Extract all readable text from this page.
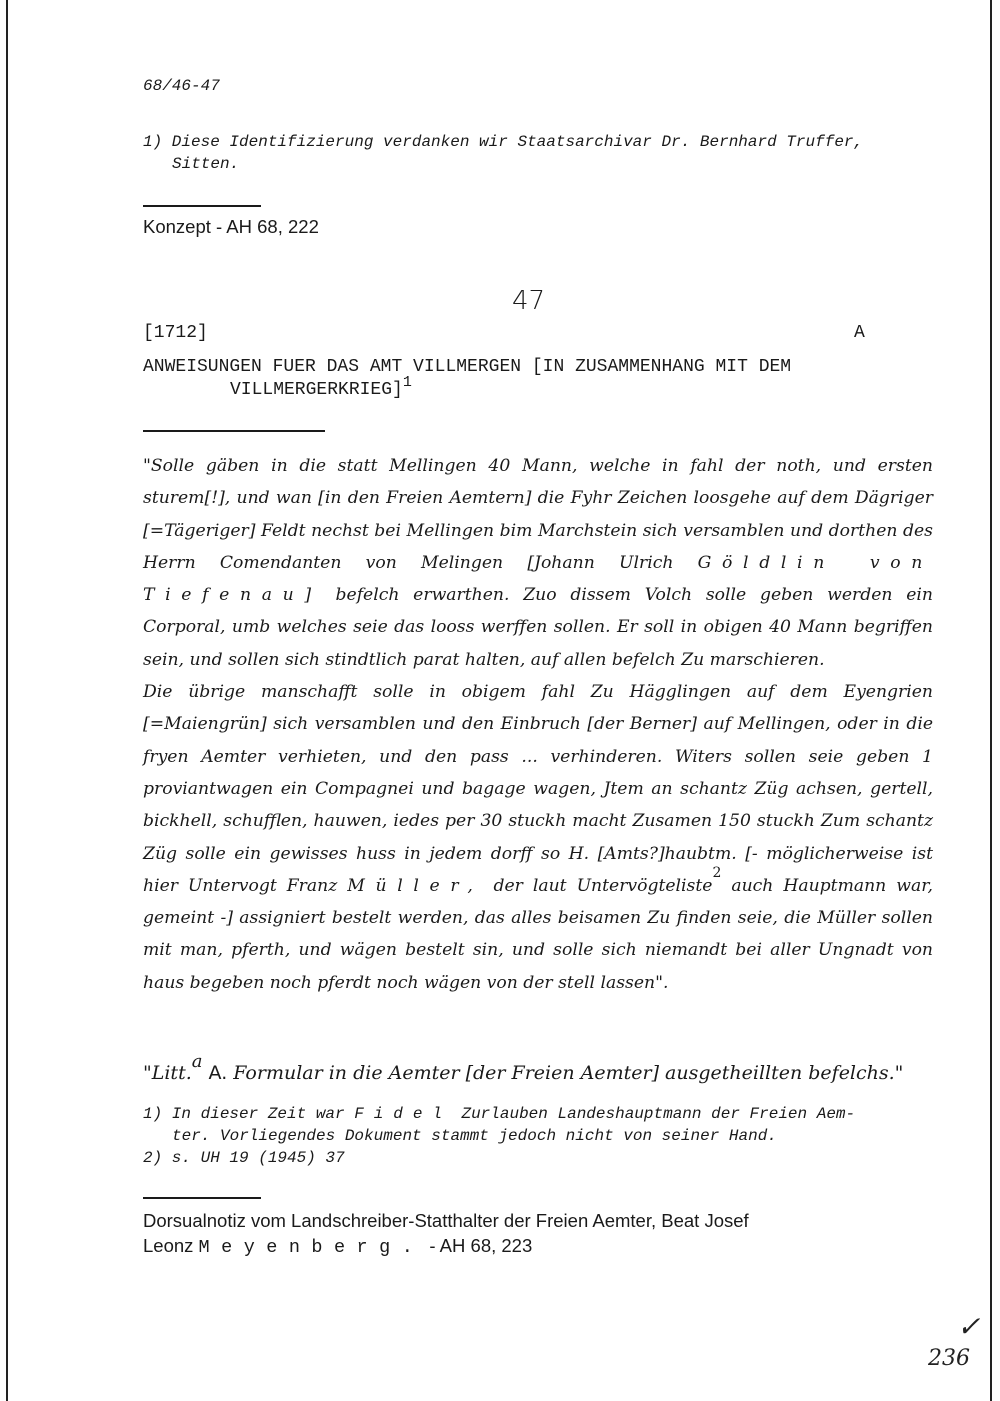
68/46-47
1) Diese Identifizierung verdanken wir Staatsarchivar Dr. Bernhard Truffer,
Sitten.
Konzept - AH 68, 222
47
[1712]	A
ANWEISUNGEN FUER DAS AMT VILLMERGEN [IN ZUSAMMENHANG MIT DEM
VILLMERGERKRIEG]$^1$

"Solle gäben in die statt Mellingen 40 Mann, welche in fahl der noth, und ersten sturem[!], und wan [in den Freien Aemtern] die Fyhr Zeichen loosgehe auf dem Dägriger [=Tägeriger] Feldt nechst bei Mellingen bim Marchstein sich versamblen und dorthen des Herrn Comendanten von Melingen [Johann Ulrich Göldlin von Tiefenau] befelch erwarthen. Zuo dissem Volch solle geben werden ein Corporal, umb welches seie das looss werffen sollen. Er soll in obigen 40 Mann begriffen sein, und sollen sich stindtlich parat halten, auf allen befelch Zu marschieren.

Die übrige manschafft solle in obigem fahl Zu Hägglingen auf dem Eyengrien [=Maiengrün] sich versamblen und den Einbruch [der Berner] auf Mellingen, oder in die fryen Aemter verhieten, und den pass ... verhinderen. Witers sollen seie geben 1 proviantwagen ein Compagnei und bagage wagen, Jtem an schantz Züg achsen, gertell, bickhell, schufflen, hauwen, iedes per 30 stuckh macht Zusamen 150 stuckh Zum schantz Züg solle ein gewisses huss in jedem dorff so H. [Amts?]haubtm. [- möglicherweise ist hier Untervogt Franz Müller, der laut Untervögteliste$^2$ auch Hauptmann war, gemeint -] assigniert bestelt werden, das alles beisamen Zu finden seie, die Müller sollen mit man, pferth, und wägen bestelt sin, und solle sich niemandt bei aller Ungnadt von haus begeben noch pferdt noch wägen von der stell lassen".

"Litt.a A. Formular in die Aemter [der Freien Aemter] ausgetheillten befelchs."
1) In dieser Zeit war Fidel Zurlauben Landeshauptmann der Freien Aem-
ter. Vorliegendes Dokument stammt jedoch nicht von seiner Hand.
2) s. UH 19 (1945) 37
Dorsualnotiz vom Landschreiber-Statthalter der Freien Aemter, Beat Josef
Leonz Meyenberg. - AH 68, 223
✓
236
